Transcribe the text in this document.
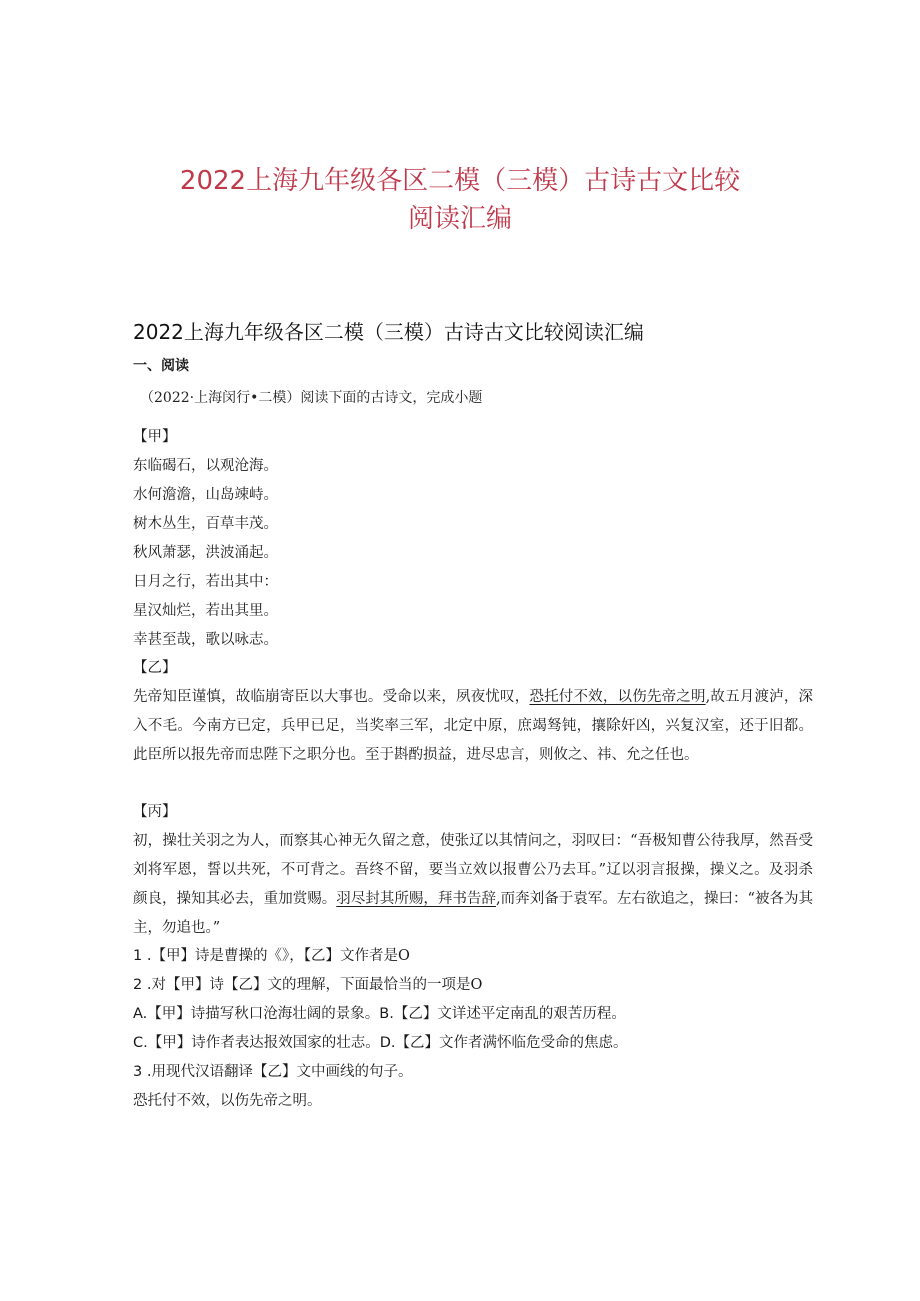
2022上海九年级各区二模（三模）古诗古文比较
阅读汇编
2022上海九年级各区二模（三模）古诗古文比较阅读汇编
一、阅读
（2022·上海闵行•二模）阅读下面的古诗文，完成小题
【甲】
东临碣石，以观沧海。
水何澹澹，山岛竦峙。
树木丛生，百草丰茂。
秋风萧瑟，洪波涌起。
日月之行，若出其中：
星汉灿烂，若出其里。
幸甚至哉，歌以咏志。
【乙】
先帝知臣谨慎，故临崩寄臣以大事也。受命以来，夙夜忧叹，恐托付不效，以伤先帝之明,故五月渡泸，深入不毛。今南方已定，兵甲已足，当奖率三军，北定中原，庶竭驽钝，攘除奸凶，兴复汉室，还于旧都。此臣所以报先帝而忠陛下之职分也。至于斟酌损益，进尽忠言，则攸之、祎、允之任也。
【丙】
初，操壮关羽之为人，而察其心神无久留之意，使张辽以其情问之，羽叹曰：“吾极知曹公待我厚，然吾受刘将军恩，誓以共死，不可背之。吾终不留，要当立效以报曹公乃去耳。”辽以羽言报操，操义之。及羽杀颜良，操知其必去，重加赏赐。羽尽封其所赐，拜书告辞,而奔刘备于袁军。左右欲追之，操曰：“被各为其主，勿追也。”
1 .【甲】诗是曹操的《》，【乙】文作者是O
2 .对【甲】诗【乙】文的理解，下面最恰当的一项是O
A.【甲】诗描写秋口沧海壮阔的景象。B.【乙】文详述平定南乱的艰苦历程。
C.【甲】诗作者表达报效国家的壮志。D.【乙】文作者满怀临危受命的焦虑。
3 .用现代汉语翻译【乙】文中画线的句子。
恐托付不效，以伤先帝之明。
